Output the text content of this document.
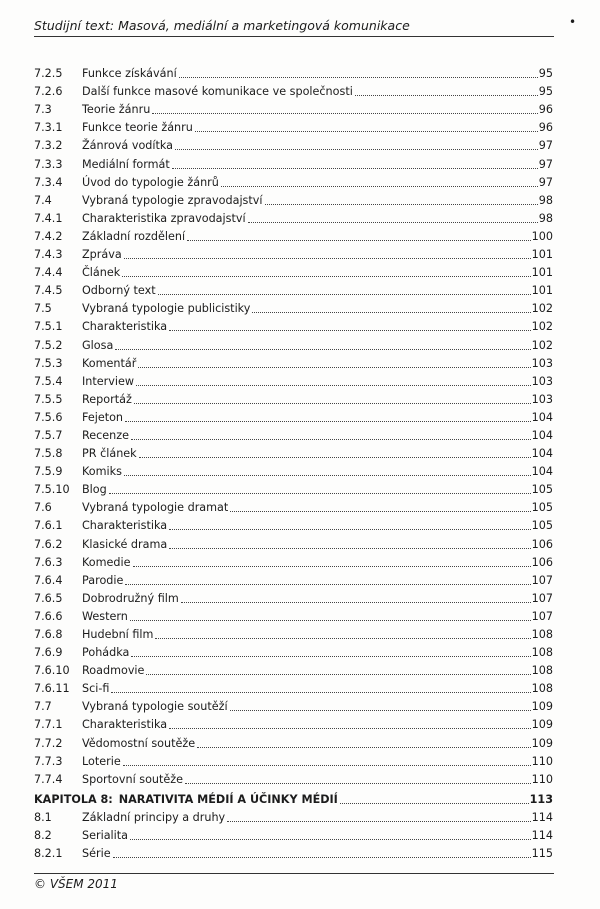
Studijní text: Masová, mediální a marketingová komunikace	•
7.2.5	Funkce získávání	95
7.2.6	Další funkce masové komunikace ve společnosti	95
7.3	Teorie žánru	96
7.3.1	Funkce teorie žánru	96
7.3.2	Žánrová vodítka	97
7.3.3	Mediální formát	97
7.3.4	Úvod do typologie žánrů	97
7.4	Vybraná typologie zpravodajství	98
7.4.1	Charakteristika zpravodajství	98
7.4.2	Základní rozdělení	100
7.4.3	Zpráva	101
7.4.4	Článek	101
7.4.5	Odborný text	101
7.5	Vybraná typologie publicistiky	102
7.5.1	Charakteristika	102
7.5.2	Glosa	102
7.5.3	Komentář	103
7.5.4	Interview	103
7.5.5	Reportáž	103
7.5.6	Fejeton	104
7.5.7	Recenze	104
7.5.8	PR článek	104
7.5.9	Komiks	104
7.5.10	Blog	105
7.6	Vybraná typologie dramat	105
7.6.1	Charakteristika	105
7.6.2	Klasické drama	106
7.6.3	Komedie	106
7.6.4	Parodie	107
7.6.5	Dobrodružný film	107
7.6.6	Western	107
7.6.8	Hudební film	108
7.6.9	Pohádka	108
7.6.10	Roadmovie	108
7.6.11	Sci-fi	108
7.7	Vybraná typologie soutěží	109
7.7.1	Charakteristika	109
7.7.2	Vědomostní soutěže	109
7.7.3	Loterie	110
7.7.4	Sportovní soutěže	110
KAPITOLA 8: NARATIVITA MÉDIÍ A ÚČINKY MÉDIÍ	113
8.1	Základní principy a druhy	114
8.2	Serialita	114
8.2.1	Série	115
© VŠEM 2011
